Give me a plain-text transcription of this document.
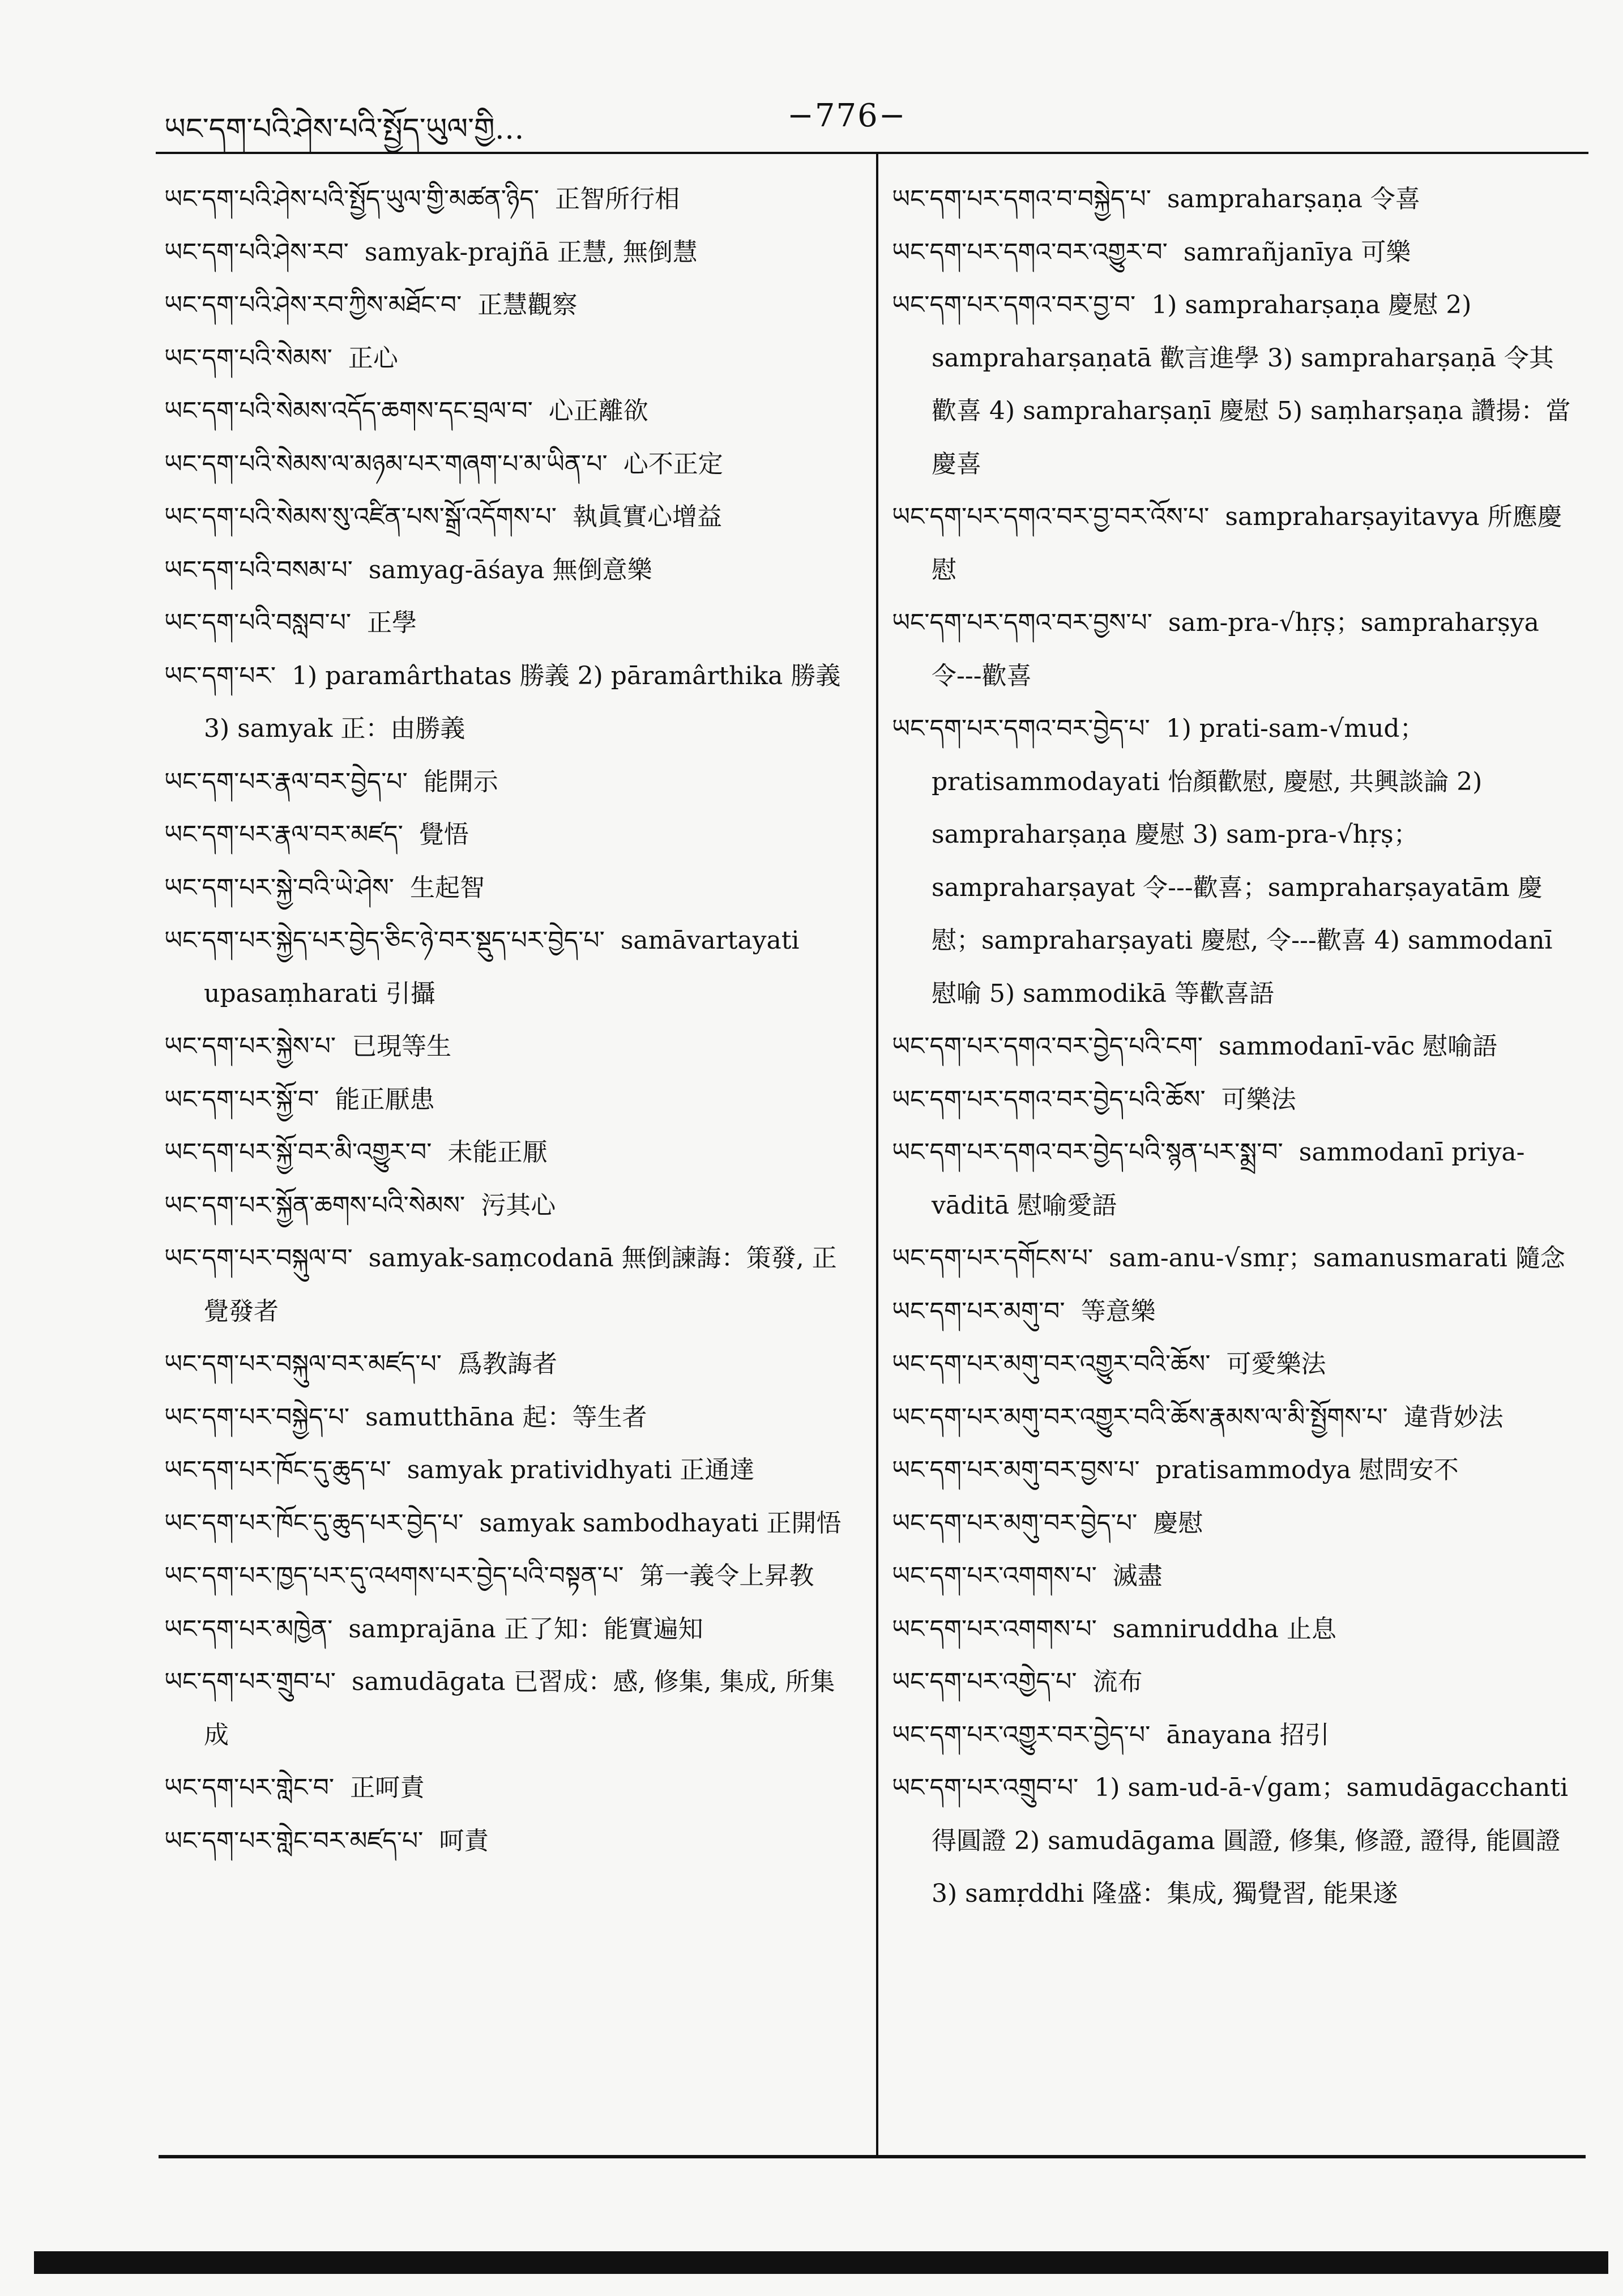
ཡང་དག་པའི་ཤེས་པའི་སྤྱོད་ཡུལ་གྱི…	−776−
ཡང་དག་པའི་ཤེས་པའི་སྤྱོད་ཡུལ་གྱི་མཚན་ཉིད་ 正智所行相
ཡང་དག་པའི་ཤེས་རབ་ samyak-prajñā 正慧, 無倒慧
ཡང་དག་པའི་ཤེས་རབ་ཀྱིས་མཐོང་བ་ 正慧觀察
ཡང་དག་པའི་སེམས་ 正心
ཡང་དག་པའི་སེམས་འདོད་ཆགས་དང་བྲལ་བ་ 心正離欲
ཡང་དག་པའི་སེམས་ལ་མཉམ་པར་གཞག་པ་མ་ཡིན་པ་ 心不正定
ཡང་དག་པའི་སེམས་སུ་འཛིན་པས་སྒྲོ་འདོགས་པ་ 執眞實心增益
ཡང་དག་པའི་བསམ་པ་ samyag-āśaya 無倒意樂
ཡང་དག་པའི་བསླབ་པ་ 正學
ཡང་དག་པར་ 1) paramârthatas 勝義 2) pāramârthika 勝義 3) samyak 正：由勝義
ཡང་དག་པར་རྣལ་བར་བྱེད་པ་ 能開示
ཡང་དག་པར་རྣལ་བར་མཛད་ 覺悟
ཡང་དག་པར་སྐྱེ་བའི་ཡེ་ཤེས་ 生起智
ཡང་དག་པར་སྐྱེད་པར་བྱེད་ཅིང་ཉེ་བར་སྡུད་པར་བྱེད་པ་ samāvartayati upasaṃharati 引攝
ཡང་དག་པར་སྐྱེས་པ་ 已現等生
ཡང་དག་པར་སྐྱོ་བ་ 能正厭患
ཡང་དག་པར་སྐྱོ་བར་མི་འགྱུར་བ་ 未能正厭
ཡང་དག་པར་སྐྱོན་ཆགས་པའི་སེམས་ 污其心
ཡང་དག་པར་བསྐུལ་བ་ samyak-saṃcodanā 無倒諫誨：策發, 正覺發者
ཡང་དག་པར་བསྐུལ་བར་མཛད་པ་ 爲教誨者
ཡང་དག་པར་བསྐྱེད་པ་ samutthāna 起：等生者
ཡང་དག་པར་ཁོང་དུ་ཆུད་པ་ samyak pratividhyati 正通達
ཡང་དག་པར་ཁོང་དུ་ཆུད་པར་བྱེད་པ་ samyak sambodhayati 正開悟
ཡང་དག་པར་ཁྱད་པར་དུ་འཕགས་པར་བྱེད་པའི་བསྟན་པ་ 第一義令上昇教
ཡང་དག་པར་མཁྱེན་ samprajāna 正了知：能實遍知
ཡང་དག་པར་གྲུབ་པ་ samudāgata 已習成：感, 修集, 集成, 所集成
ཡང་དག་པར་གླེང་བ་ 正呵責
ཡང་དག་པར་གླེང་བར་མཛད་པ་ 呵責
ཡང་དག་པར་དགའ་བ་བསྐྱེད་པ་ sampraharṣaṇa 令喜
ཡང་དག་པར་དགའ་བར་འགྱུར་བ་ samrañjanīya 可樂
ཡང་དག་པར་དགའ་བར་བྱ་བ་ 1) sampraharṣaṇa 慶慰 2) sampraharṣaṇatā 歡言進學 3) sampraharṣaṇā 令其歡喜 4) sampraharṣaṇī 慶慰 5) saṃharṣaṇa 讚揚：當慶喜
ཡང་དག་པར་དགའ་བར་བྱ་བར་འོས་པ་ sampraharṣayitavya 所應慶慰
ཡང་དག་པར་དགའ་བར་བྱས་པ་ sam-pra-√hṛṣ；sampraharṣya 令---歡喜
ཡང་དག་པར་དགའ་བར་བྱེད་པ་ 1) prati-sam-√mud；pratisammodayati 怡顏歡慰, 慶慰, 共興談論 2) sampraharṣaṇa 慶慰 3) sam-pra-√hṛṣ；sampraharṣayat 令---歡喜；sampraharṣayatām 慶慰；sampraharṣayati 慶慰, 令---歡喜 4) sammodanī 慰喻 5) sammodikā 等歡喜語
ཡང་དག་པར་དགའ་བར་བྱེད་པའི་ངག་ sammodanī-vāc 慰喻語
ཡང་དག་པར་དགའ་བར་བྱེད་པའི་ཆོས་ 可樂法
ཡང་དག་པར་དགའ་བར་བྱེད་པའི་སྙན་པར་སྨྲ་བ་ sammodanī priya-vāditā 慰喻愛語
ཡང་དག་པར་དགོངས་པ་ sam-anu-√smṛ；samanusmarati 隨念
ཡང་དག་པར་མགུ་བ་ 等意樂
ཡང་དག་པར་མགུ་བར་འགྱུར་བའི་ཆོས་ 可愛樂法
ཡང་དག་པར་མགུ་བར་འགྱུར་བའི་ཆོས་རྣམས་ལ་མི་སྤྱོགས་པ་ 違背妙法
ཡང་དག་པར་མགུ་བར་བྱས་པ་ pratisammodya 慰問安不
ཡང་དག་པར་མགུ་བར་བྱེད་པ་ 慶慰
ཡང་དག་པར་འགགས་པ་ 滅盡
ཡང་དག་པར་འགགས་པ་ samniruddha 止息
ཡང་དག་པར་འགྱེད་པ་ 流布
ཡང་དག་པར་འགྱུར་བར་བྱེད་པ་ ānayana 招引
ཡང་དག་པར་འགྲུབ་པ་ 1) sam-ud-ā-√gam；samudāgacchanti 得圓證 2) samudāgama 圓證, 修集, 修證, 證得, 能圓證 3) samṛddhi 隆盛：集成, 獨覺習, 能果遂
